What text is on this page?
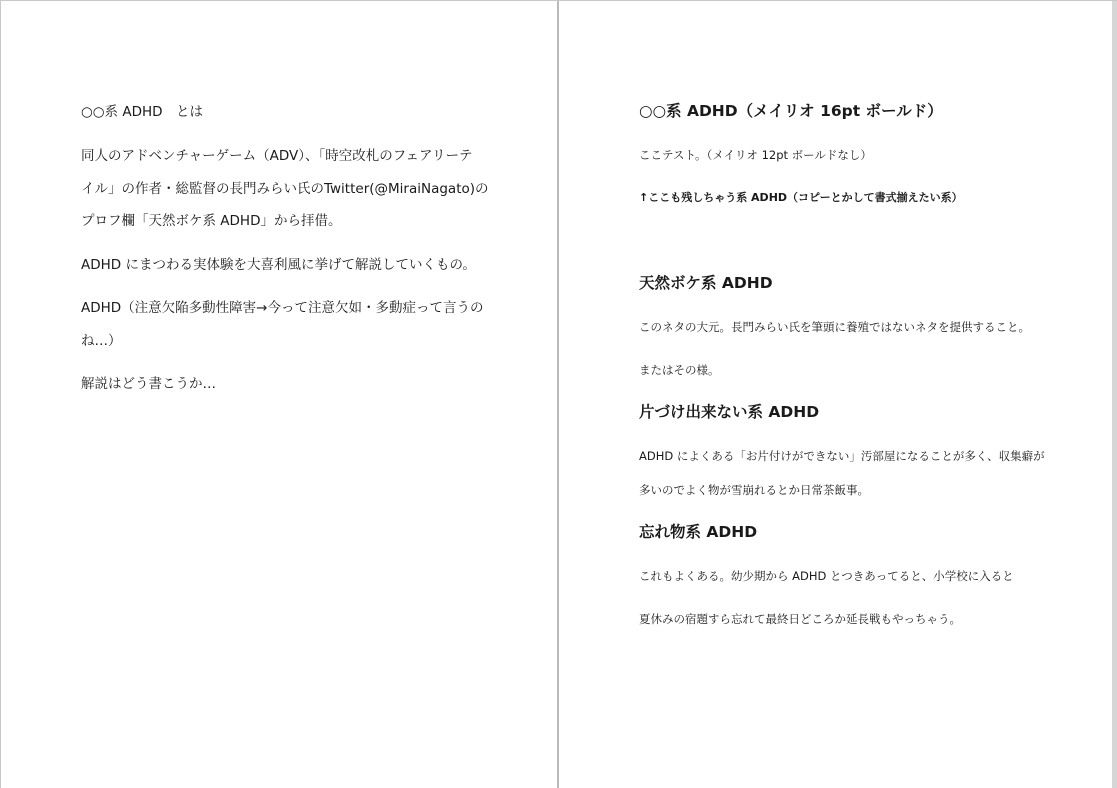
○○系 ADHD　とは

同人のアドベンチャーゲーム（ADV）、「時空改札のフェアリーテ

イル」の作者・総監督の長門みらい氏のTwitter(@MiraiNagato)の

プロフ欄「天然ボケ系 ADHD」から拝借。

ADHD にまつわる実体験を大喜利風に挙げて解説していくもの。

ADHD（注意欠陥多動性障害→今って注意欠如・多動症って言うの

ね…）

解説はどう書こうか…

○○系 ADHD（メイリオ 16pt ボールド）

ここテスト。（メイリオ 12pt ボールドなし）

↑ここも残しちゃう系 ADHD（コピーとかして書式揃えたい系）

天然ボケ系 ADHD

このネタの大元。長門みらい氏を筆頭に養殖ではないネタを提供すること。

またはその様。

片づけ出来ない系 ADHD

ADHD によくある「お片付けができない」汚部屋になることが多く、収集癖が

多いのでよく物が雪崩れるとか日常茶飯事。

忘れ物系 ADHD

これもよくある。幼少期から ADHD とつきあってると、小学校に入ると

夏休みの宿題すら忘れて最終日どころか延長戦もやっちゃう。
